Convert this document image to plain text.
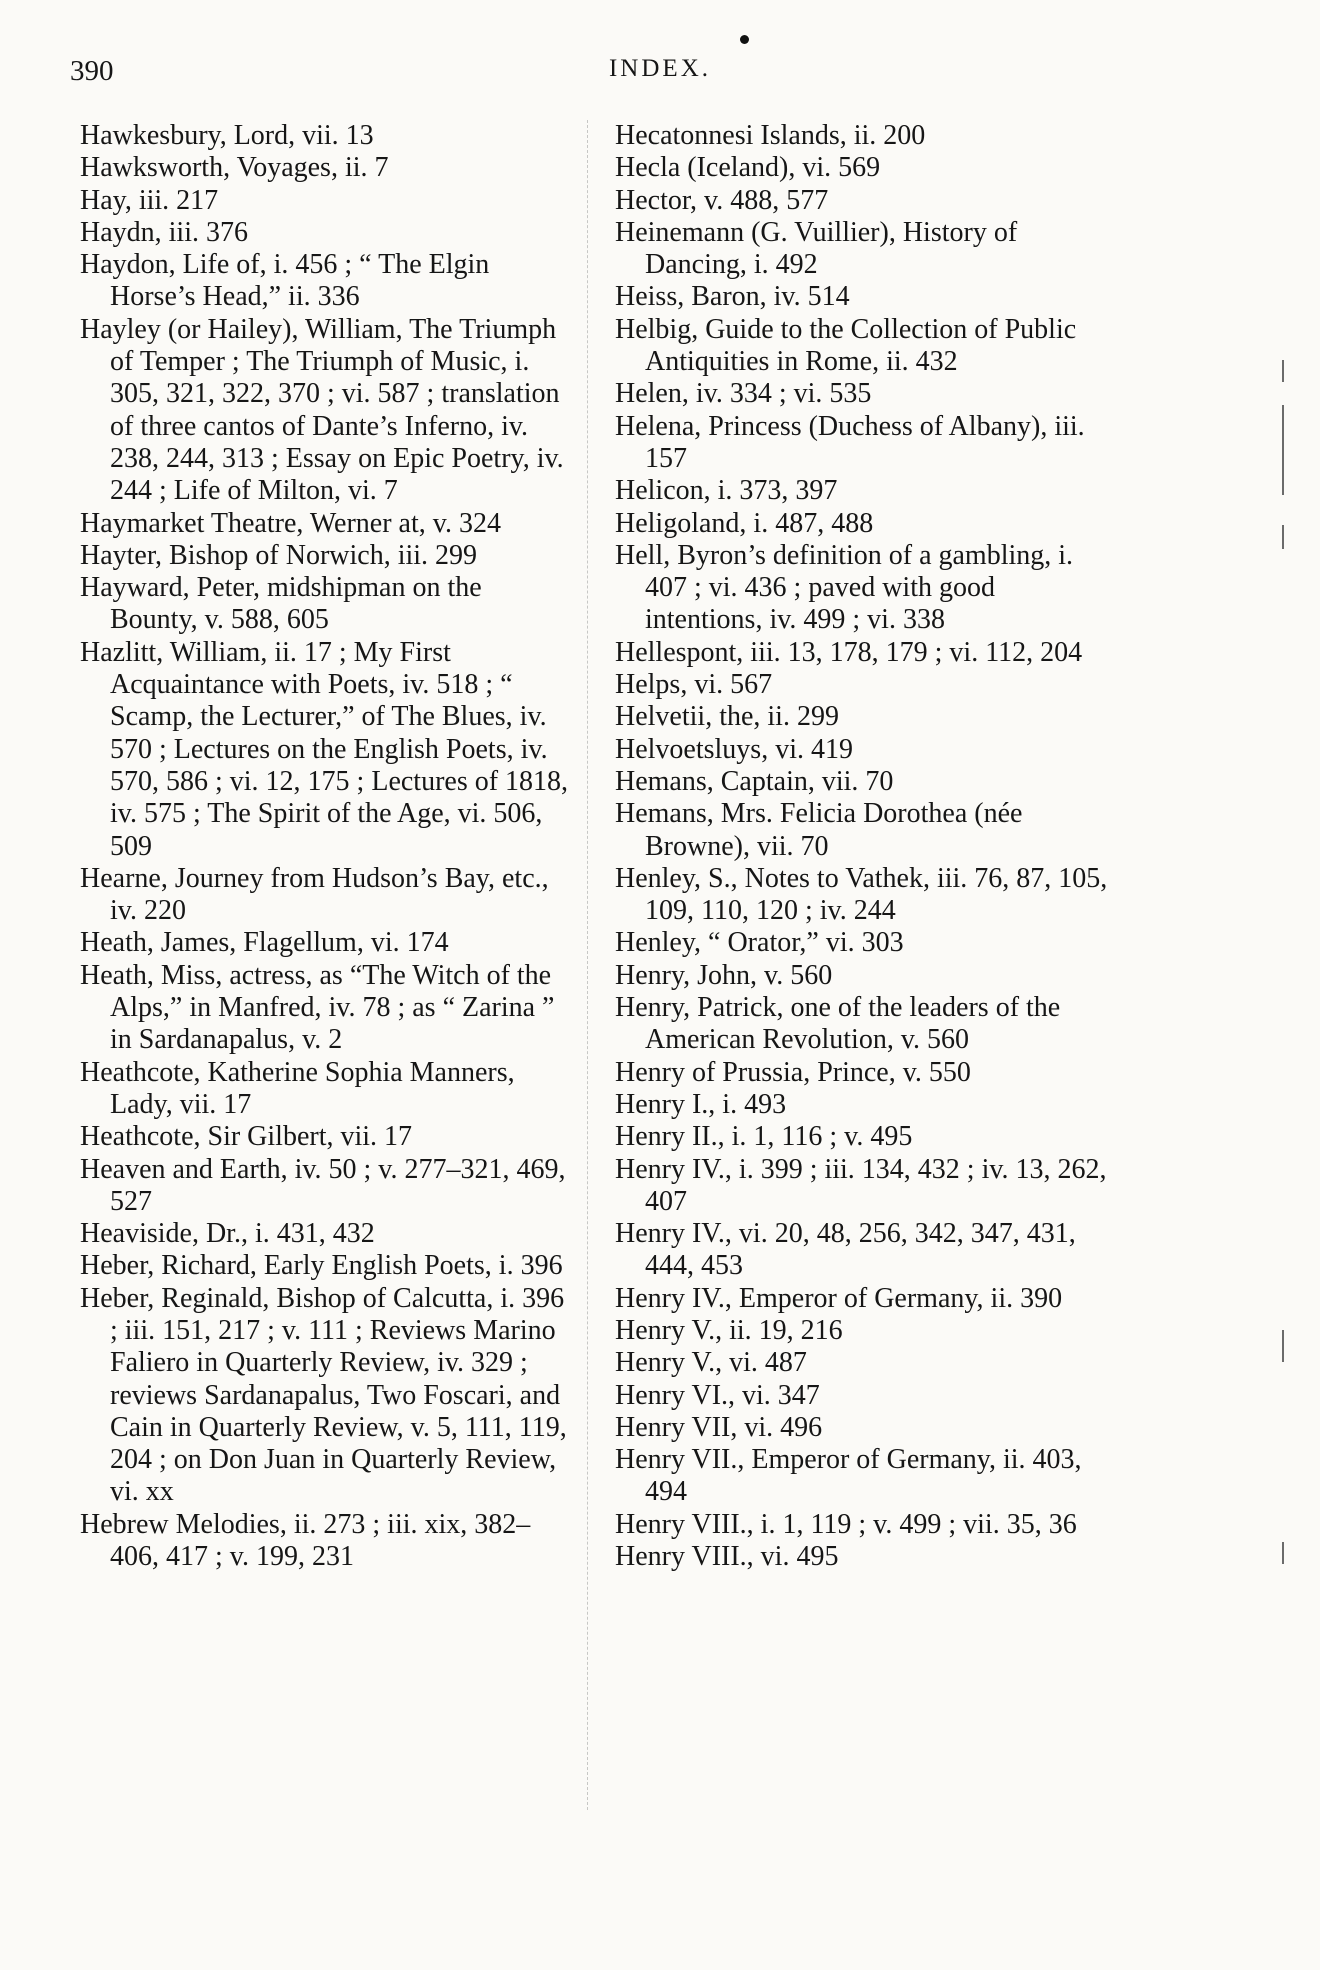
390	INDEX.

Hawkesbury, Lord, vii. 13

Hawksworth, Voyages, ii. 7

Hay, iii. 217

Haydn, iii. 376

Haydon, Life of, i. 456 ; “ The Elgin Horse’s Head,” ii. 336

Hayley (or Hailey), William, The Triumph of Temper ; The Triumph of Music, i. 305, 321, 322, 370 ; vi. 587 ; translation of three cantos of Dante’s Inferno, iv. 238, 244, 313 ; Essay on Epic Poetry, iv. 244 ; Life of Milton, vi. 7

Haymarket Theatre, Werner at, v. 324

Hayter, Bishop of Norwich, iii. 299

Hayward, Peter, midshipman on the Bounty, v. 588, 605

Hazlitt, William, ii. 17 ; My First Acquaintance with Poets, iv. 518 ; “ Scamp, the Lecturer,” of The Blues, iv. 570 ; Lectures on the English Poets, iv. 570, 586 ; vi. 12, 175 ; Lectures of 1818, iv. 575 ; The Spirit of the Age, vi. 506, 509

Hearne, Journey from Hudson’s Bay, etc., iv. 220

Heath, James, Flagellum, vi. 174

Heath, Miss, actress, as “The Witch of the Alps,” in Manfred, iv. 78 ; as “ Zarina ” in Sardanapalus, v. 2

Heathcote, Katherine Sophia Manners, Lady, vii. 17

Heathcote, Sir Gilbert, vii. 17

Heaven and Earth, iv. 50 ; v. 277–321, 469, 527

Heaviside, Dr., i. 431, 432

Heber, Richard, Early English Poets, i. 396

Heber, Reginald, Bishop of Calcutta, i. 396 ; iii. 151, 217 ; v. 111 ; Reviews Marino Faliero in Quarterly Review, iv. 329 ; reviews Sardanapalus, Two Foscari, and Cain in Quarterly Review, v. 5, 111, 119, 204 ; on Don Juan in Quarterly Review, vi. xx

Hebrew Melodies, ii. 273 ; iii. xix, 382–406, 417 ; v. 199, 231

Hecatonnesi Islands, ii. 200

Hecla (Iceland), vi. 569

Hector, v. 488, 577

Heinemann (G. Vuillier), History of Dancing, i. 492

Heiss, Baron, iv. 514

Helbig, Guide to the Collection of Public Antiquities in Rome, ii. 432

Helen, iv. 334 ; vi. 535

Helena, Princess (Duchess of Albany), iii. 157

Helicon, i. 373, 397

Heligoland, i. 487, 488

Hell, Byron’s definition of a gambling, i. 407 ; vi. 436 ; paved with good intentions, iv. 499 ; vi. 338

Hellespont, iii. 13, 178, 179 ; vi. 112, 204

Helps, vi. 567

Helvetii, the, ii. 299

Helvoetsluys, vi. 419

Hemans, Captain, vii. 70

Hemans, Mrs. Felicia Dorothea (née Browne), vii. 70

Henley, S., Notes to Vathek, iii. 76, 87, 105, 109, 110, 120 ; iv. 244

Henley, “ Orator,” vi. 303

Henry, John, v. 560

Henry, Patrick, one of the leaders of the American Revolution, v. 560

Henry of Prussia, Prince, v. 550

Henry I., i. 493

Henry II., i. 1, 116 ; v. 495

Henry IV., i. 399 ; iii. 134, 432 ; iv. 13, 262, 407

Henry IV., vi. 20, 48, 256, 342, 347, 431, 444, 453

Henry IV., Emperor of Germany, ii. 390

Henry V., ii. 19, 216

Henry V., vi. 487

Henry VI., vi. 347

Henry VII, vi. 496

Henry VII., Emperor of Germany, ii. 403, 494

Henry VIII., i. 1, 119 ; v. 499 ; vii. 35, 36

Henry VIII., vi. 495
